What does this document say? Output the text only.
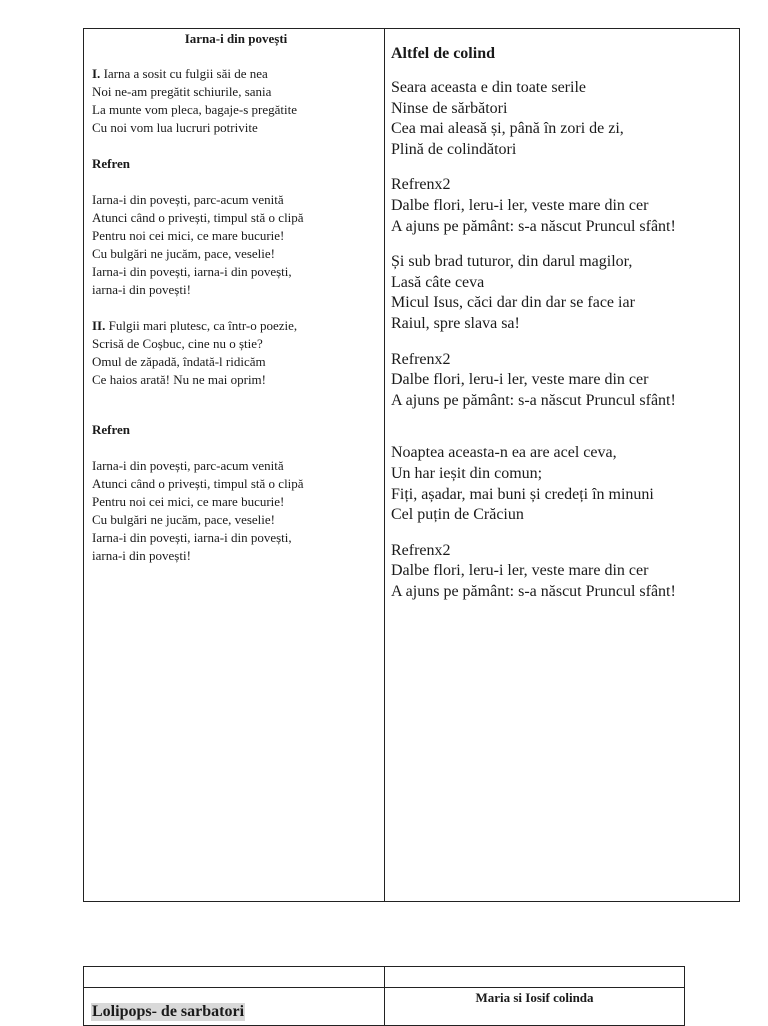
Iarna-i din povești
I. Iarna a sosit cu fulgii săi de nea
Noi ne-am pregătit schiurile, sania
La munte vom pleca, bagaje-s pregătite
Cu noi vom lua lucruri potrivite
Refren
Iarna-i din povești, parc-acum venită
Atunci când o privești, timpul stă o clipă
Pentru noi cei mici, ce mare bucurie!
Cu bulgări ne jucăm, pace, veselie!
Iarna-i din povești, iarna-i din povești,
iarna-i din povești!
II. Fulgii mari plutesc, ca într-o poezie,
Scrisă de Coșbuc, cine nu o știe?
Omul de zăpadă, îndată-l ridicăm
Ce haios arată! Nu ne mai oprim!
Refren
Iarna-i din povești, parc-acum venită
Atunci când o privești, timpul stă o clipă
Pentru noi cei mici, ce mare bucurie!
Cu bulgări ne jucăm, pace, veselie!
Iarna-i din povești, iarna-i din povești,
iarna-i din povești!
Altfel de colind
Seara aceasta e din toate serile
Ninse de sărbători
Cea mai aleasă și, până în zori de zi,
Plină de colindători
Refrenx2
Dalbe flori, leru-i ler, veste mare din cer
A ajuns pe pământ: s-a născut Pruncul sfânt!
Și sub brad tuturor, din darul magilor,
Lasă câte ceva
Micul Isus, căci dar din dar se face iar
Raiul, spre slava sa!
Refrenx2
Dalbe flori, leru-i ler, veste mare din cer
A ajuns pe pământ: s-a născut Pruncul sfânt!
Noaptea aceasta-n ea are acel ceva,
Un har ieșit din comun;
Fiți, așadar, mai buni și credeți în minuni
Cel puțin de Crăciun
Refrenx2
Dalbe flori, leru-i ler, veste mare din cer
A ajuns pe pământ: s-a născut Pruncul sfânt!
Lolipops- de sarbatori
Maria si Iosif colinda
